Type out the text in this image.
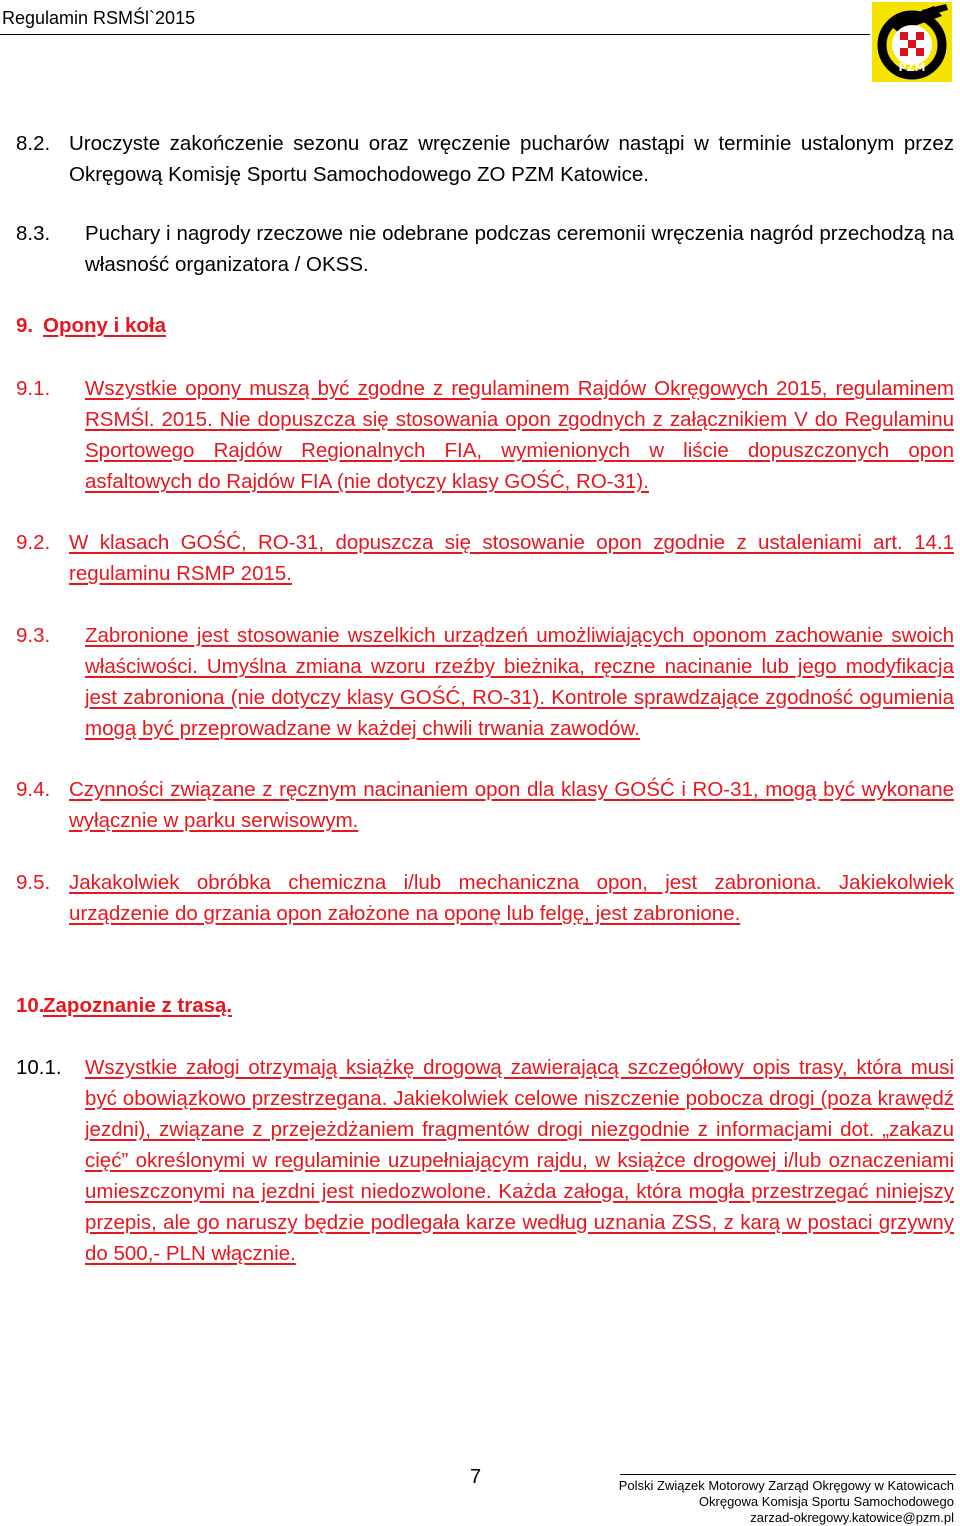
Regulamin RSMŚl`2015
PZM
8.2. Uroczyste zakończenie sezonu oraz wręczenie pucharów nastąpi w terminie ustalonym przez Okręgową Komisję Sportu Samochodowego ZO PZM Katowice.
8.3.	Puchary i nagrody rzeczowe nie odebrane podczas ceremonii wręczenia nagród przechodzą na własność organizatora / OKSS.
9. Opony i koła
9.1.	Wszystkie opony muszą być zgodne z regulaminem Rajdów Okręgowych 2015, regulaminem RSMŚl. 2015. Nie dopuszcza się stosowania opon zgodnych z załącznikiem V do Regulaminu Sportowego Rajdów Regionalnych FIA, wymienionych w liście dopuszczonych opon asfaltowych do Rajdów FIA (nie dotyczy klasy GOŚĆ, RO-31).
9.2. W klasach GOŚĆ, RO-31, dopuszcza się stosowanie opon zgodnie z ustaleniami art. 14.1 regulaminu RSMP 2015.
9.3.	Zabronione jest stosowanie wszelkich urządzeń umożliwiających oponom zachowanie swoich właściwości. Umyślna zmiana wzoru rzeźby bieżnika, ręczne nacinanie lub jego modyfikacja jest zabroniona (nie dotyczy klasy GOŚĆ, RO-31). Kontrole sprawdzające zgodność ogumienia mogą być przeprowadzane w każdej chwili trwania zawodów.
9.4. Czynności związane z ręcznym nacinaniem opon dla klasy GOŚĆ i RO-31, mogą być wykonane wyłącznie w parku serwisowym.
9.5. Jakakolwiek obróbka chemiczna i/lub mechaniczna opon, jest zabroniona. Jakiekolwiek urządzenie do grzania opon założone na oponę lub felgę, jest zabronione.
10.
Zapoznanie z trasą.
10.1.	Wszystkie załogi otrzymają książkę drogową zawierającą szczegółowy opis trasy, która musi być obowiązkowo przestrzegana. Jakiekolwiek celowe niszczenie pobocza drogi (poza krawędź jezdni), związane z przejeżdżaniem fragmentów drogi niezgodnie z informacjami dot. „zakazu cięć” określonymi w regulaminie uzupełniającym rajdu, w książce drogowej i/lub oznaczeniami umieszczonymi na jezdni jest niedozwolone. Każda załoga, która mogła przestrzegać niniejszy przepis, ale go naruszy będzie podlegała karze według uznania ZSS, z karą w postaci grzywny do 500,- PLN włącznie.
7	Polski Związek Motorowy Zarząd Okręgowy w Katowicach
Okręgowa Komisja Sportu Samochodowego
zarzad-okregowy.katowice@pzm.pl
